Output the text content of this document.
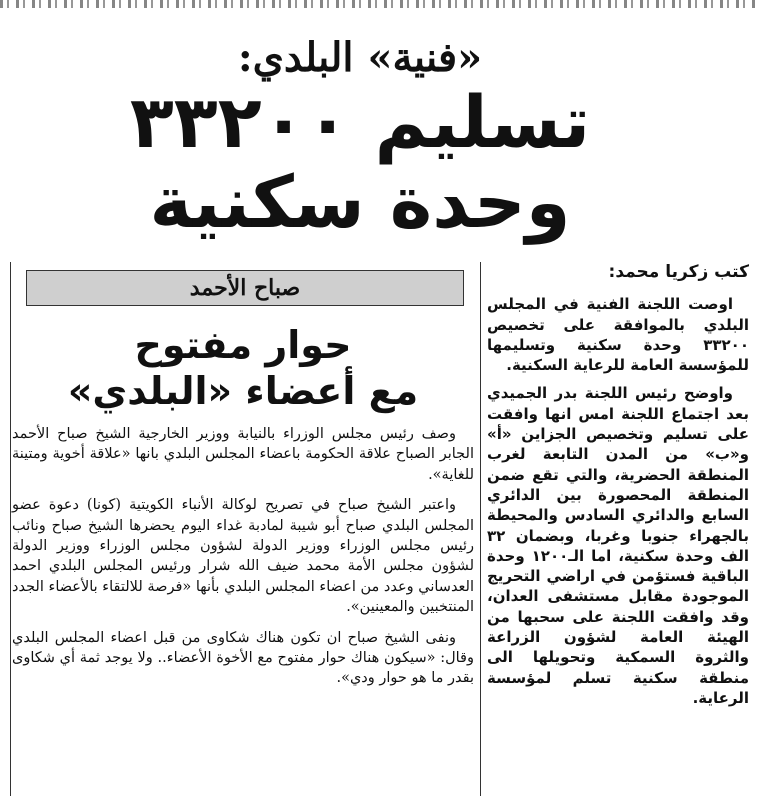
«فنية» البلدي:
تسليم ٣٣٢٠٠
وحدة سكنية
كتب زكريا محمد:

اوصت اللجنة الفنية في المجلس البلدي بالموافقة على تخصيص ٣٣٢٠٠ وحدة سكنية وتسليمها للمؤسسة العامة للرعاية السكنية.

واوضح رئيس اللجنة بدر الجميدي بعد اجتماع اللجنة امس انها وافقت على تسليم وتخصيص الجزاين «أ» و«ب» من المدن التابعة لغرب المنطقة الحضرية، والتي تقع ضمن المنطقة المحصورة بين الدائري السابع والدائري السادس والمحيطة بالجهراء جنوبا وغربا، وبضمان ٣٢ الف وحدة سكنية، اما الـ١٢٠٠ وحدة الباقية فستؤمن في اراضي التحريج الموجودة مقابل مستشفى العدان، وقد وافقت اللجنة على سحبها من الهيئة العامة لشؤون الزراعة والثروة السمكية وتحويلها الى منطقة سكنية تسلم لمؤسسة الرعاية.

صباح الأحمد
حوار مفتوح
مع أعضاء «البلدي»

وصف رئيس مجلس الوزراء بالنيابة ووزير الخارجية الشيخ صباح الأحمد الجابر الصباح علاقة الحكومة باعضاء المجلس البلدي بانها «علاقة أخوية ومتينة للغاية».

واعتبر الشيخ صباح في تصريح لوكالة الأنباء الكويتية (كونا) دعوة عضو المجلس البلدي صباح أبو شيبة لمادبة غداء اليوم يحضرها الشيخ صباح ونائب رئيس مجلس الوزراء ووزير الدولة لشؤون مجلس الوزراء ووزير الدولة لشؤون مجلس الأمة محمد ضيف الله شرار ورئيس المجلس البلدي احمد العدساني وعدد من اعضاء المجلس البلدي بأنها «فرصة للالتقاء بالأعضاء الجدد المنتخبين والمعينين».

ونفى الشيخ صباح ان تكون هناك شكاوى من قبل اعضاء المجلس البلدي وقال: «سيكون هناك حوار مفتوح مع الأخوة الأعضاء.. ولا يوجد ثمة أي شكاوى بقدر ما هو حوار ودي».
